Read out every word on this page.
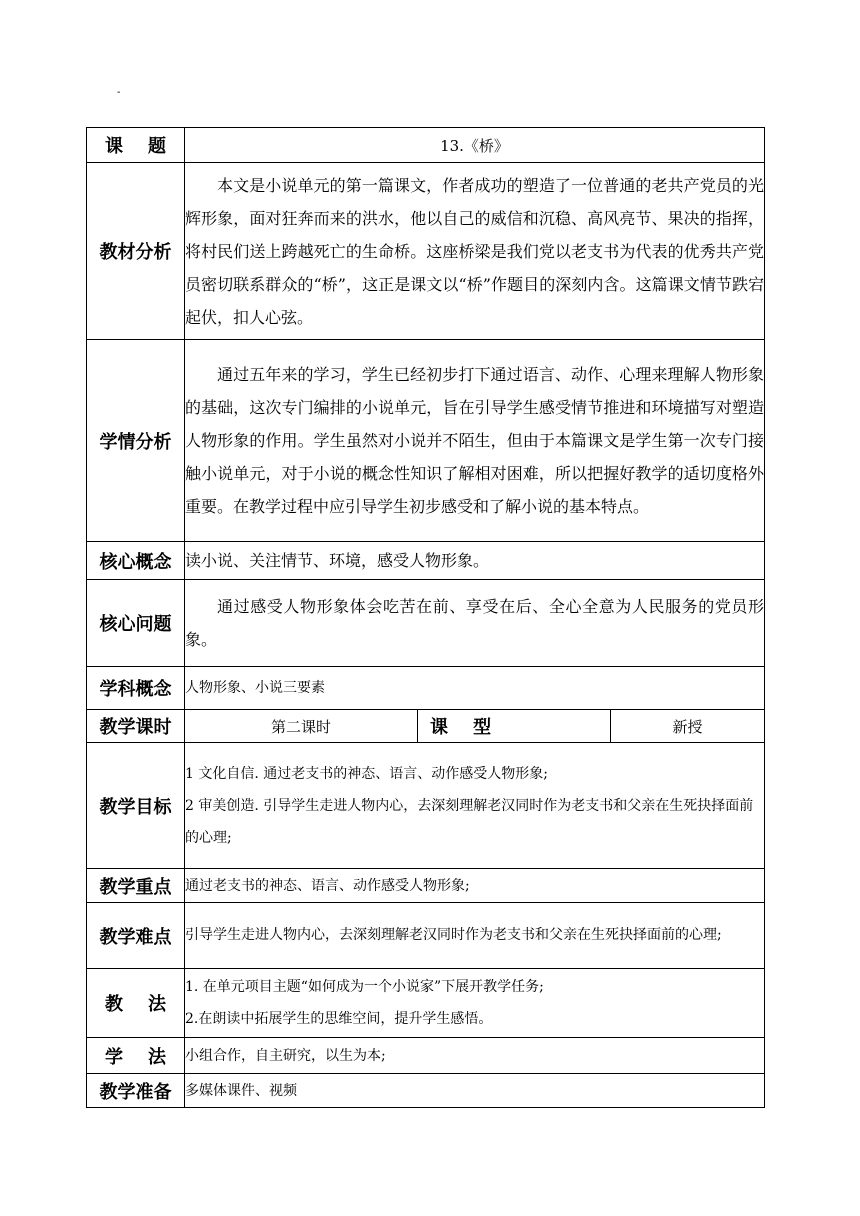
-
课    题	13.《桥》		
教材分析	本文是小说单元的第一篇课文，作者成功的塑造了一位普通的老共产党员的光辉形象，面对狂奔而来的洪水，他以自己的威信和沉稳、高风亮节、果决的指挥，将村民们送上跨越死亡的生命桥。这座桥梁是我们党以老支书为代表的优秀共产党员密切联系群众的“桥”，这正是课文以“桥”作题目的深刻内含。这篇课文情节跌宕起伏，扣人心弦。		

学情分析	通过五年来的学习，学生已经初步打下通过语言、动作、心理来理解人物形象的基础，这次专门编排的小说单元，旨在引导学生感受情节推进和环境描写对塑造人物形象的作用。学生虽然对小说并不陌生，但由于本篇课文是学生第一次专门接触小说单元，对于小说的概念性知识了解相对困难，所以把握好教学的适切度格外重要。在教学过程中应引导学生初步感受和了解小说的基本特点。		

核心概念	读小说、关注情节、环境，感受人物形象。		
核心问题	通过感受人物形象体会吃苦在前、享受在后、全心全意为人民服务的党员形象。		

学科概念	人物形象、小说三要素		
教学课时	第二课时	课    型	新授
教学目标	1 文化自信. 通过老支书的神态、语言、动作感受人物形象;

2 审美创造. 引导学生走进人物内心，去深刻理解老汉同时作为老支书和父亲在生死抉择面前的心理;		

教学重点	通过老支书的神态、语言、动作感受人物形象;		
教学难点	引导学生走进人物内心，去深刻理解老汉同时作为老支书和父亲在生死抉择面前的心理;		
教    法	1. 在单元项目主题“如何成为一个小说家”下展开教学任务;

2.在朗读中拓展学生的思维空间，提升学生感悟。		

学    法	小组合作，自主研究，以生为本;		
教学准备	多媒体课件、视频		
